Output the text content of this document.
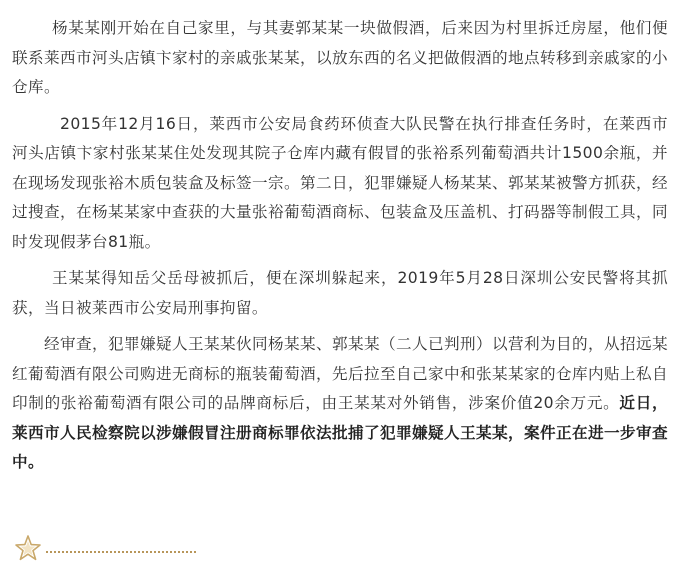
杨某某刚开始在自己家里，与其妻郭某某一块做假酒，后来因为村里拆迁房屋，他们便联系莱西市河头店镇卞家村的亲戚张某某，以放东西的名义把做假酒的地点转移到亲戚家的小仓库。

2015年12月16日，莱西市公安局食药环侦查大队民警在执行排查任务时，在莱西市河头店镇卞家村张某某住处发现其院子仓库内藏有假冒的张裕系列葡萄酒共计1500余瓶，并在现场发现张裕木质包装盒及标签一宗。第二日，犯罪嫌疑人杨某某、郭某某被警方抓获，经过搜查，在杨某某家中查获的大量张裕葡萄酒商标、包装盒及压盖机、打码器等制假工具，同时发现假茅台81瓶。

王某某得知岳父岳母被抓后，便在深圳躲起来，2019年5月28日深圳公安民警将其抓获，当日被莱西市公安局刑事拘留。

经审查，犯罪嫌疑人王某某伙同杨某某、郭某某（二人已判刑）以营利为目的，从招远某红葡萄酒有限公司购进无商标的瓶装葡萄酒，先后拉至自己家中和张某某家的仓库内贴上私自印制的张裕葡萄酒有限公司的品牌商标后，由王某某对外销售，涉案价值20余万元。近日，莱西市人民检察院以涉嫌假冒注册商标罪依法批捕了犯罪嫌疑人王某某，案件正在进一步审查中。
